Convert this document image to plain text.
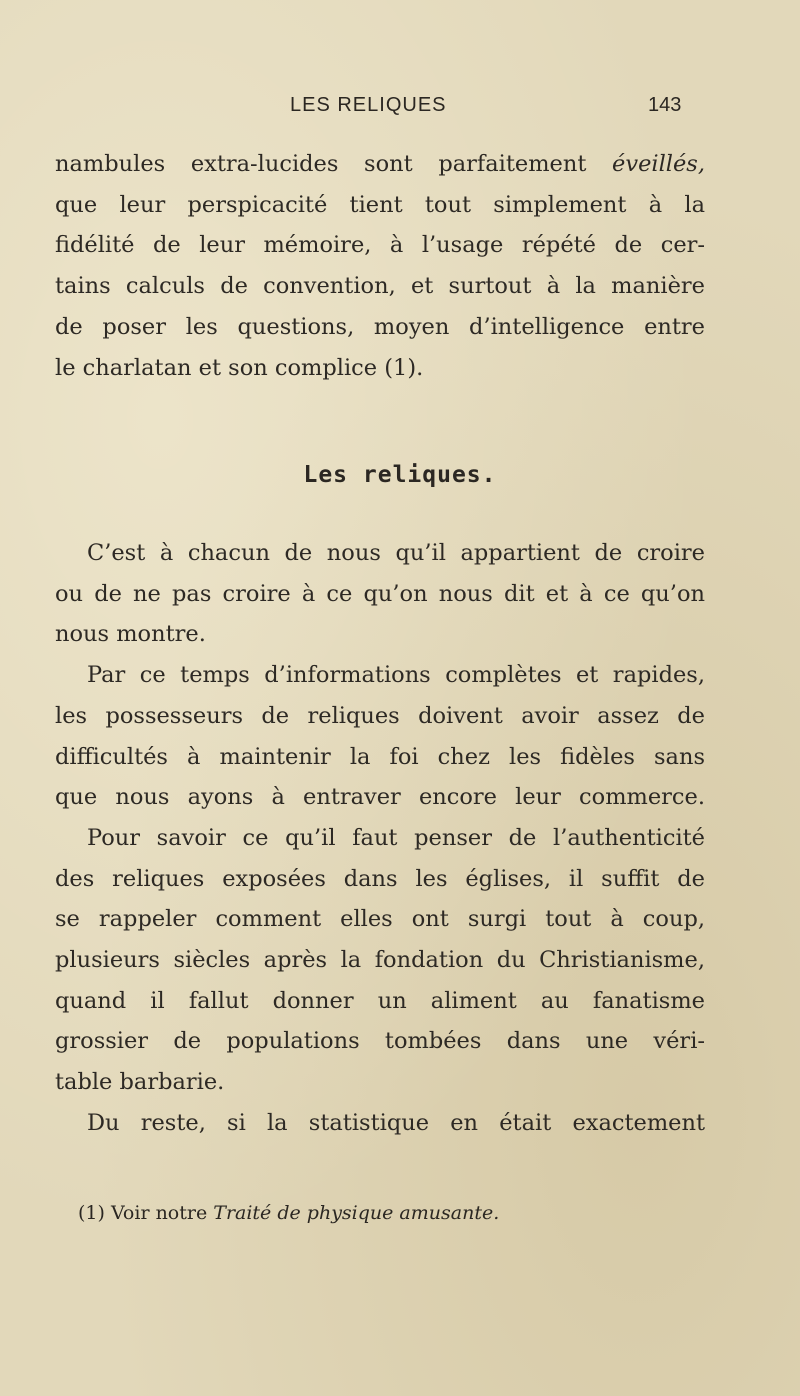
LES RELIQUES	143
nambules extra-lucides sont parfaitement éveillés,
que leur perspicacité tient tout simplement à la
fidélité de leur mémoire, à l’usage répété de cer-
tains calculs de convention, et surtout à la manière
de poser les questions, moyen d’intelligence entre
le charlatan et son complice (1).
Les reliques.
C’est à chacun de nous qu’il appartient de croire
ou de ne pas croire à ce qu’on nous dit et à ce qu’on
nous montre.
Par ce temps d’informations complètes et rapides,
les possesseurs de reliques doivent avoir assez de
difficultés à maintenir la foi chez les fidèles sans
que nous ayons à entraver encore leur commerce.
Pour savoir ce qu’il faut penser de l’authenticité
des reliques exposées dans les églises, il suffit de
se rappeler comment elles ont surgi tout à coup,
plusieurs siècles après la fondation du Christianisme,
quand il fallut donner un aliment au fanatisme
grossier de populations tombées dans une véri-
table barbarie.
Du reste, si la statistique en était exactement
(1) Voir notre Traité de physique amusante.
